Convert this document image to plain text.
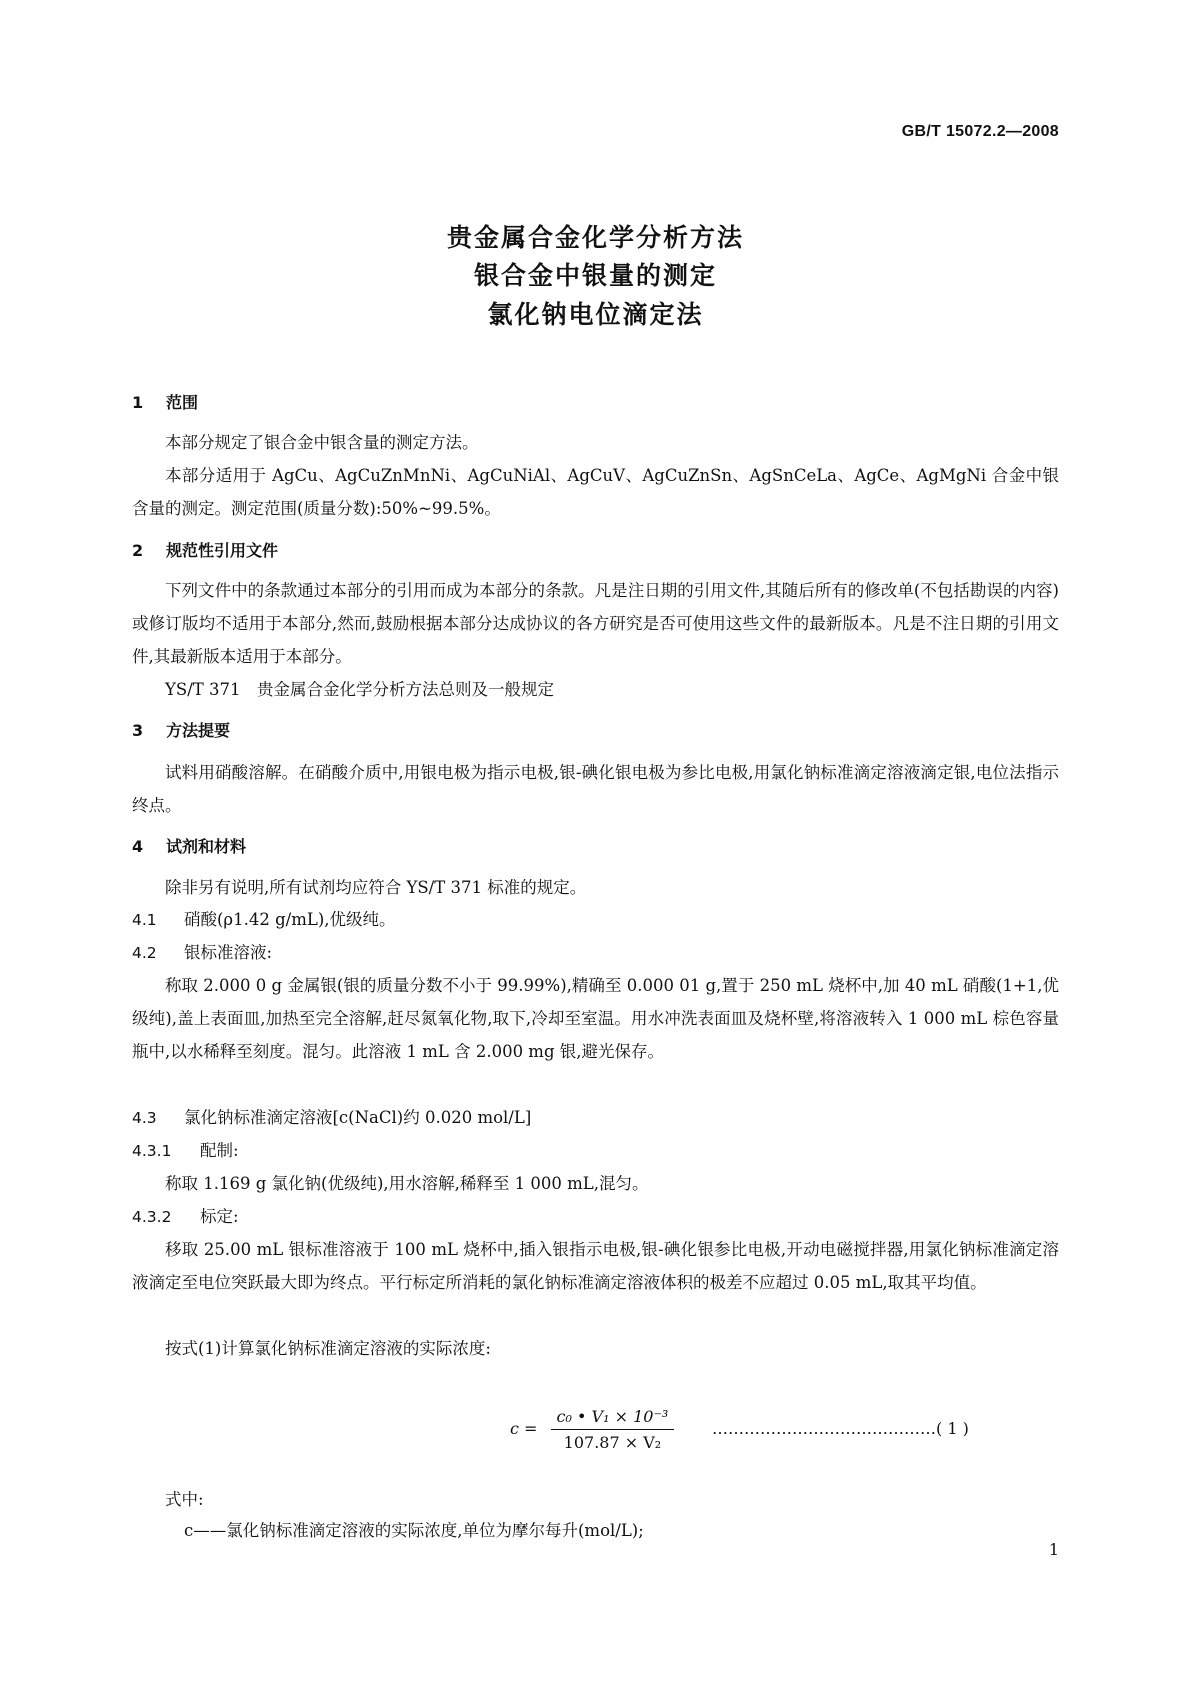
GB/T 15072.2—2008
贵金属合金化学分析方法
银合金中银量的测定
氯化钠电位滴定法
1 范围
本部分规定了银合金中银含量的测定方法。
本部分适用于 AgCu、AgCuZnMnNi、AgCuNiAl、AgCuV、AgCuZnSn、AgSnCeLa、AgCe、AgMgNi 合金中银含量的测定。测定范围(质量分数):50%~99.5%。
2 规范性引用文件
下列文件中的条款通过本部分的引用而成为本部分的条款。凡是注日期的引用文件,其随后所有的修改单(不包括勘误的内容)或修订版均不适用于本部分,然而,鼓励根据本部分达成协议的各方研究是否可使用这些文件的最新版本。凡是不注日期的引用文件,其最新版本适用于本部分。
YS/T 371　贵金属合金化学分析方法总则及一般规定
3 方法提要
试料用硝酸溶解。在硝酸介质中,用银电极为指示电极,银-碘化银电极为参比电极,用氯化钠标准滴定溶液滴定银,电位法指示终点。
4 试剂和材料
除非另有说明,所有试剂均应符合 YS/T 371 标准的规定。
4.1 硝酸(ρ1.42 g/mL),优级纯。
4.2 银标准溶液:
称取 2.000 0 g 金属银(银的质量分数不小于 99.99%),精确至 0.000 01 g,置于 250 mL 烧杯中,加 40 mL 硝酸(1+1,优级纯),盖上表面皿,加热至完全溶解,赶尽氮氧化物,取下,冷却至室温。用水冲洗表面皿及烧杯壁,将溶液转入 1 000 mL 棕色容量瓶中,以水稀释至刻度。混匀。此溶液 1 mL 含 2.000 mg 银,避光保存。
4.3 氯化钠标准滴定溶液[c(NaCl)约 0.020 mol/L]
4.3.1 配制:
称取 1.169 g 氯化钠(优级纯),用水溶解,稀释至 1 000 mL,混匀。
4.3.2 标定:
移取 25.00 mL 银标准溶液于 100 mL 烧杯中,插入银指示电极,银-碘化银参比电极,开动电磁搅拌器,用氯化钠标准滴定溶液滴定至电位突跃最大即为终点。平行标定所消耗的氯化钠标准滴定溶液体积的极差不应超过 0.05 mL,取其平均值。
按式(1)计算氯化钠标准滴定溶液的实际浓度:
$c = \frac{\text{c₀ • V₁ × 10⁻³}}{\text{107.87 × V₂}}$ ……………………………………( 1 )
式中:
c——氯化钠标准滴定溶液的实际浓度,单位为摩尔每升(mol/L);
1
